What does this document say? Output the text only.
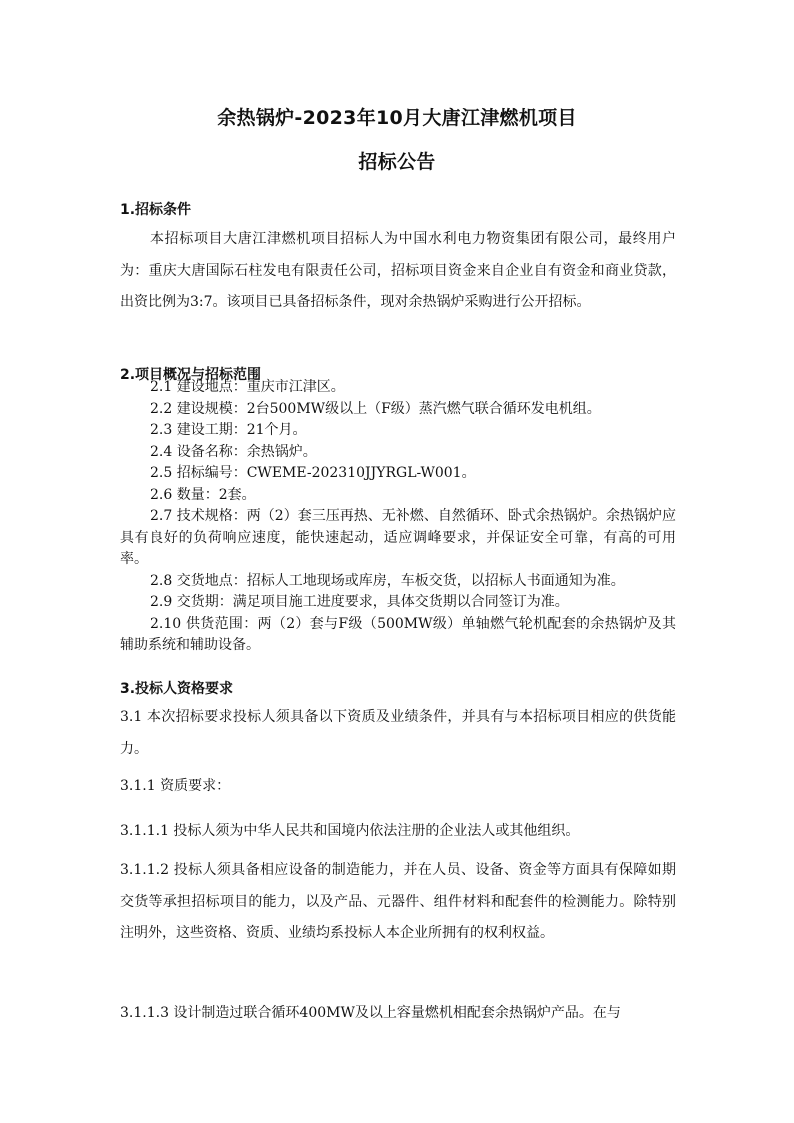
余热锅炉-2023年10月大唐江津燃机项目
招标公告
1.招标条件

本招标项目大唐江津燃机项目招标人为中国水利电力物资集团有限公司，最终用户为：重庆大唐国际石柱发电有限责任公司，招标项目资金来自企业自有资金和商业贷款，出资比例为3:7。该项目已具备招标条件，现对余热锅炉采购进行公开招标。

2.项目概况与招标范围
2.1 建设地点：重庆市江津区。
2.2 建设规模：2台500MW级以上（F级）蒸汽燃气联合循环发电机组。
2.3 建设工期：21个月。
2.4 设备名称：余热锅炉。
2.5 招标编号：CWEME-202310JJYRGL-W001。
2.6 数量：2套。
2.7 技术规格：两（2）套三压再热、无补燃、自然循环、卧式余热锅炉。余热锅炉应具有良好的负荷响应速度，能快速起动，适应调峰要求，并保证安全可靠，有高的可用率。
2.8 交货地点：招标人工地现场或库房，车板交货，以招标人书面通知为准。
2.9 交货期：满足项目施工进度要求，具体交货期以合同签订为准。
2.10 供货范围：两（2）套与F级（500MW级）单轴燃气轮机配套的余热锅炉及其辅助系统和辅助设备。
3.投标人资格要求

3.1 本次招标要求投标人须具备以下资质及业绩条件，并具有与本招标项目相应的供货能力。

3.1.1 资质要求：

3.1.1.1 投标人须为中华人民共和国境内依法注册的企业法人或其他组织。

3.1.1.2 投标人须具备相应设备的制造能力，并在人员、设备、资金等方面具有保障如期交货等承担招标项目的能力，以及产品、元器件、组件材料和配套件的检测能力。除特别注明外，这些资格、资质、业绩均系投标人本企业所拥有的权利权益。

3.1.1.3 设计制造过联合循环400MW及以上容量燃机相配套余热锅炉产品。在与
